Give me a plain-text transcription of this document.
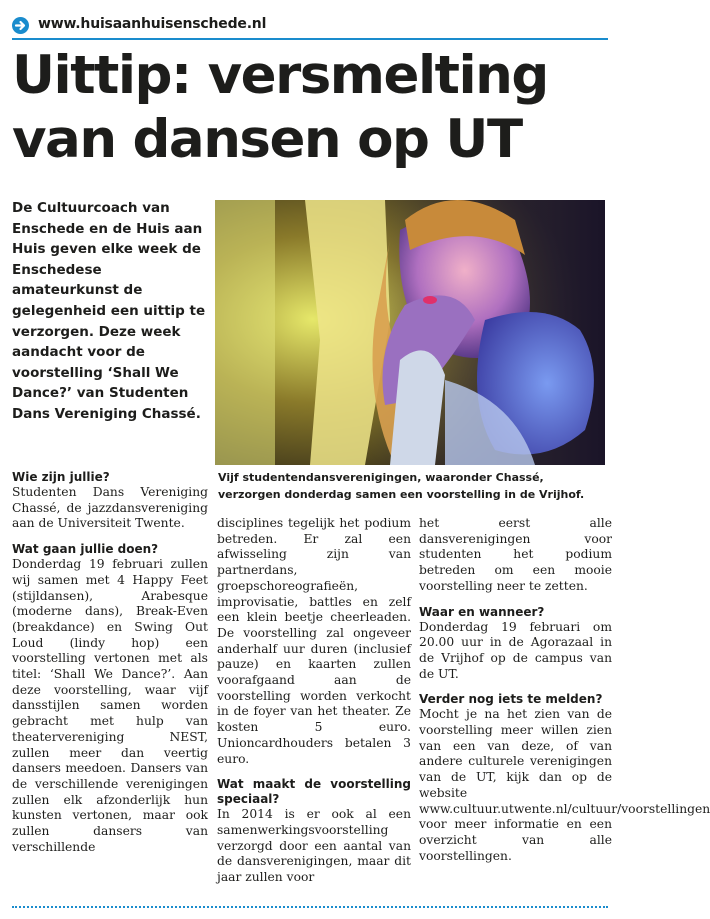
www.huisaanhuisenschede.nl
Uittip: versmelting
van dansen op UT
De Cultuurcoach van Enschede en de Huis aan Huis geven elke week de Enschedese amateurkunst de gelegenheid een uittip te verzorgen. Deze week aandacht voor de voorstelling ‘Shall We Dance?’ van Studenten Dans Vereniging Chassé.
Vijf studentendansverenigingen, waaronder Chassé, verzorgen donderdag samen een voorstelling in de Vrijhof.
Wie zijn jullie?

Studenten Dans Vereniging Chassé, de jazzdansvereniging aan de Universiteit Twente.

Wat gaan jullie doen?

Donderdag 19 februari zullen wij samen met 4 Happy Feet (stijldansen), Arabesque (moderne dans), Break-Even (breakdance) en Swing Out Loud (lindy hop) een voorstelling vertonen met als titel: ‘Shall We Dance?’. Aan deze voorstelling, waar vijf dansstijlen samen worden gebracht met hulp van theatervereniging NEST, zullen meer dan veertig dansers meedoen. Dansers van de verschillende verenigingen zullen elk afzonderlijk hun kunsten vertonen, maar ook zullen dansers van verschillende

disciplines tegelijk het podium betreden. Er zal een afwisseling zijn van partnerdans, groepschoreografieën, improvisatie, battles en zelf een klein beetje cheerleaden. De voorstelling zal ongeveer anderhalf uur duren (inclusief pauze) en kaarten zullen voorafgaand aan de voorstelling worden verkocht in de foyer van het theater. Ze kosten 5 euro. Unioncardhouders betalen 3 euro.

Wat maakt de voorstelling speciaal?

In 2014 is er ook al een samenwerkingsvoorstelling verzorgd door een aantal van de dansverenigingen, maar dit jaar zullen voor

het eerst alle dansverenigingen voor studenten het podium betreden om een mooie voorstelling neer te zetten.

Waar en wanneer?

Donderdag 19 februari om 20.00 uur in de Agorazaal in de Vrijhof op de campus van de UT.

Verder nog iets te melden?

Mocht je na het zien van de voorstelling meer willen zien van een van deze, of van andere culturele verenigingen van de UT, kijk dan op de website www.cultuur.utwente.nl/cultuur/voorstellingen voor meer informatie en een overzicht van alle voorstellingen.
